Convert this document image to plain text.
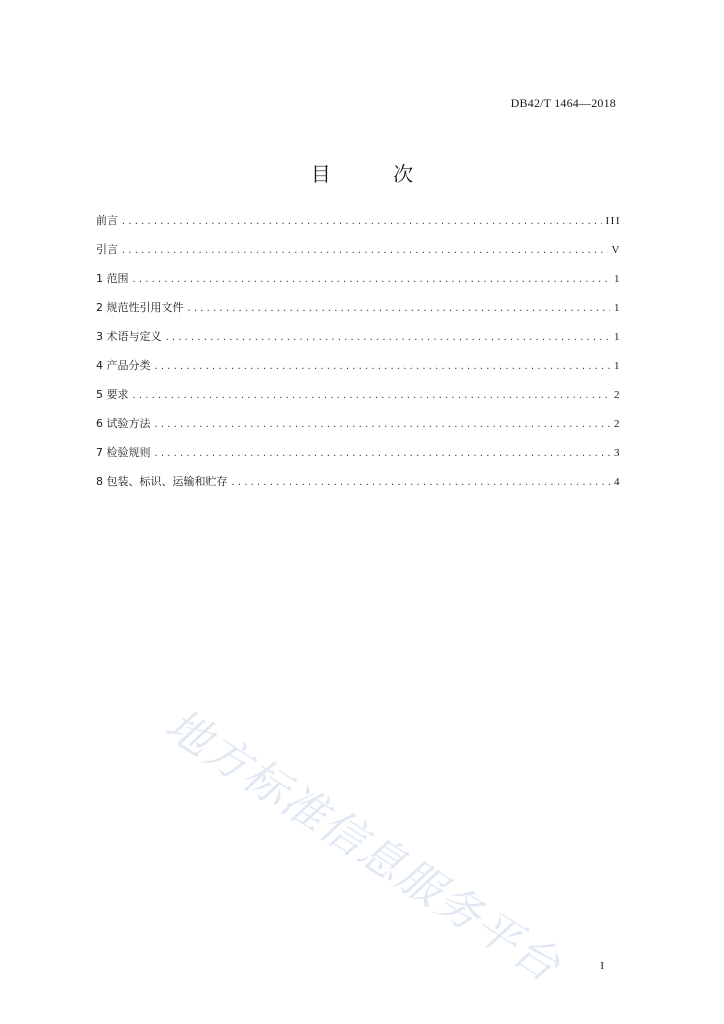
DB42/T 1464—2018
目 次
前言 .....	III
引言 .....	V
1 范围 .....	1
2 规范性引用文件 .....	1
3 术语与定义 .....	1
4 产品分类 .....	1
5 要求 .....	2
6 试验方法 .....	2
7 检验规则 .....	3
8 包装、标识、运输和贮存 .....	4
地方标准信息服务平台	I
